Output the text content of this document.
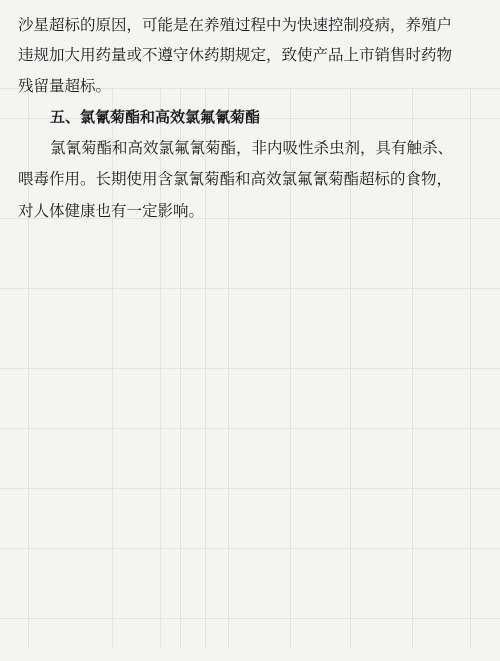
沙星超标的原因，可能是在养殖过程中为快速控制疫病，养殖户
违规加大用药量或不遵守休药期规定，致使产品上市销售时药物
残留量超标。
五、氯氰菊酯和高效氯氟氰菊酯
氯氰菊酯和高效氯氟氰菊酯，非内吸性杀虫剂，具有触杀、
喂毒作用。长期使用含氯氰菊酯和高效氯氟氰菊酯超标的食物，
对人体健康也有一定影响。
